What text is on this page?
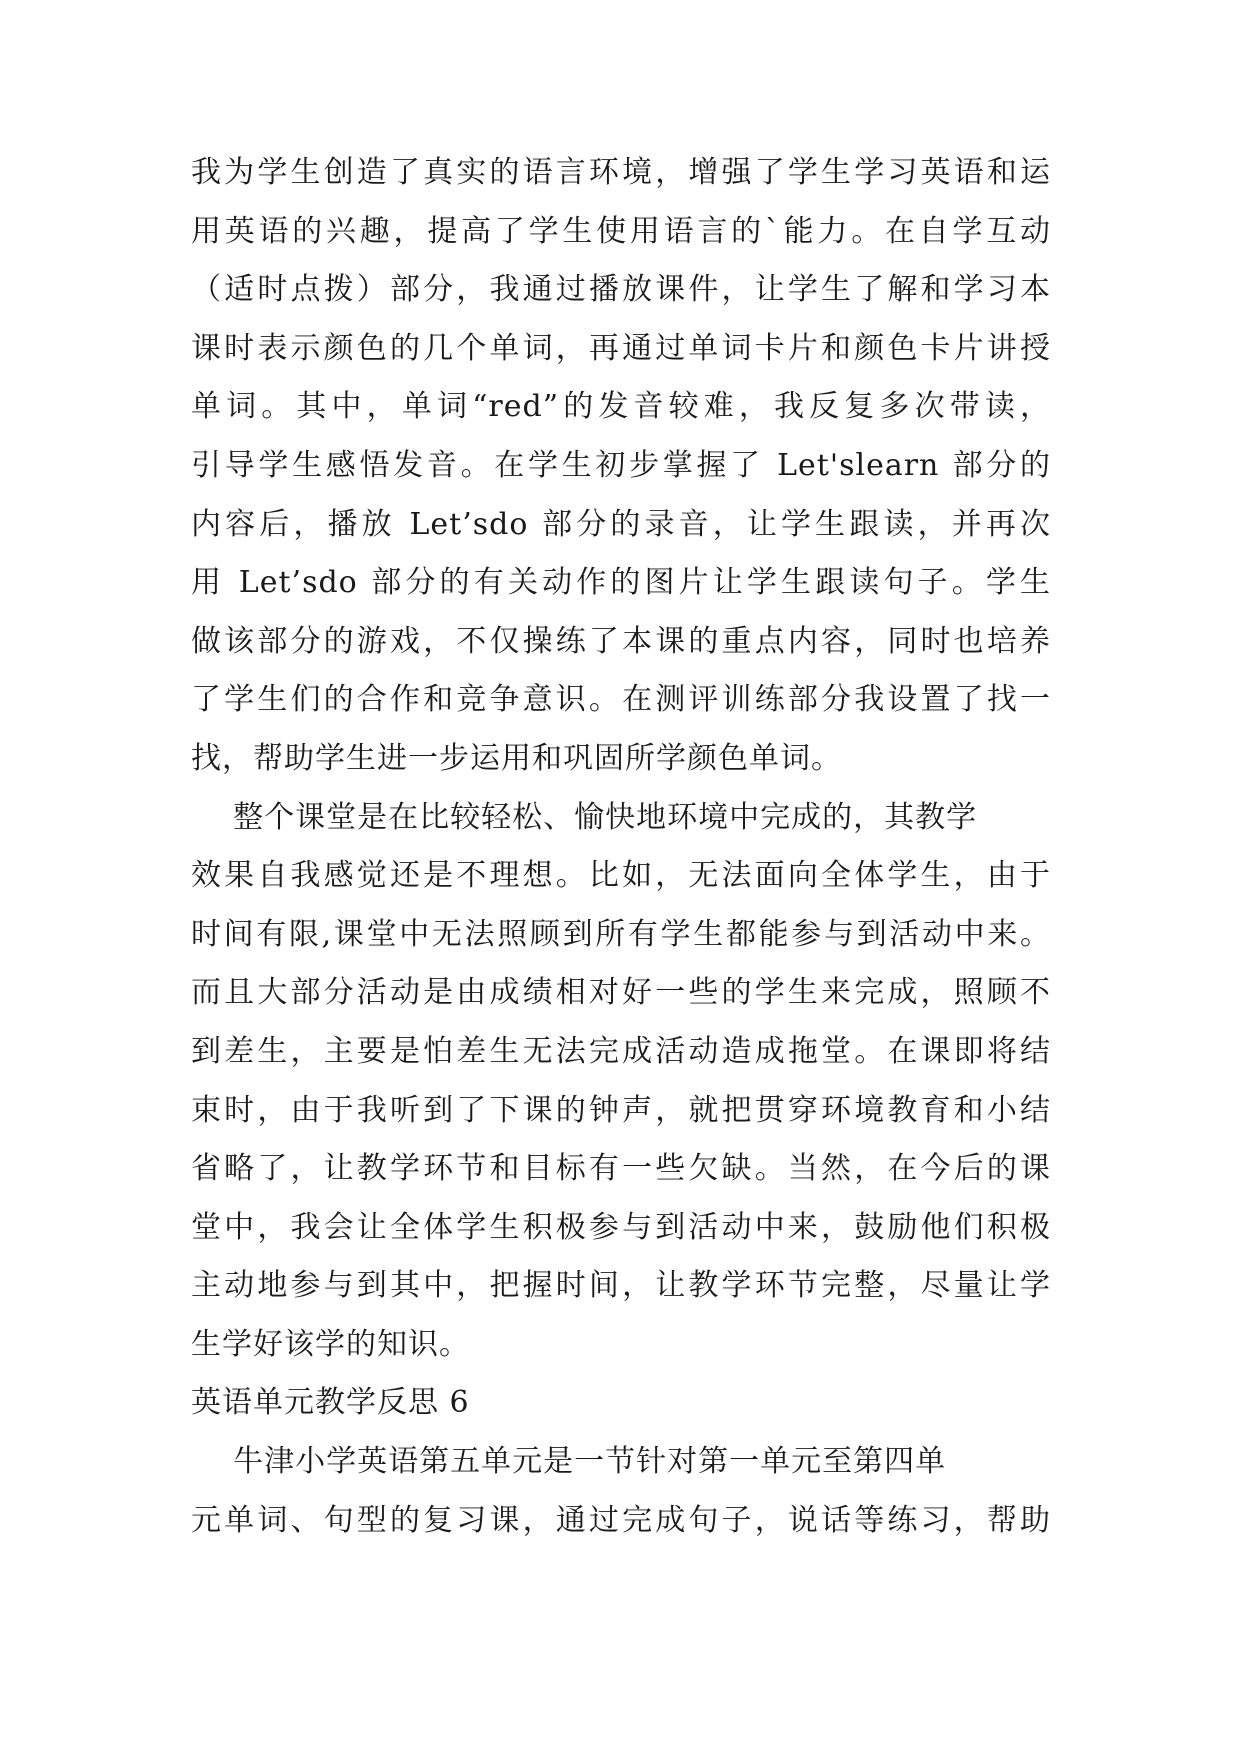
我为学生创造了真实的语言环境，增强了学生学习英语和运
用英语的兴趣，提高了学生使用语言的`能力。在自学互动
（适时点拨）部分，我通过播放课件，让学生了解和学习本
课时表示颜色的几个单词，再通过单词卡片和颜色卡片讲授
单词。其中，单词“red”的发音较难，我反复多次带读，
引导学生感悟发音。在学生初步掌握了 Let'slearn 部分的
内容后，播放 Let’sdo 部分的录音，让学生跟读，并再次
用 Let’sdo 部分的有关动作的图片让学生跟读句子。学生
做该部分的游戏，不仅操练了本课的重点内容，同时也培养
了学生们的合作和竞争意识。在测评训练部分我设置了找一
找，帮助学生进一步运用和巩固所学颜色单词。
整个课堂是在比较轻松、愉快地环境中完成的，其教学
效果自我感觉还是不理想。比如，无法面向全体学生，由于
时间有限,课堂中无法照顾到所有学生都能参与到活动中来。
而且大部分活动是由成绩相对好一些的学生来完成，照顾不
到差生，主要是怕差生无法完成活动造成拖堂。在课即将结
束时，由于我听到了下课的钟声，就把贯穿环境教育和小结
省略了，让教学环节和目标有一些欠缺。当然，在今后的课
堂中，我会让全体学生积极参与到活动中来，鼓励他们积极
主动地参与到其中，把握时间，让教学环节完整，尽量让学
生学好该学的知识。
英语单元教学反思 6
牛津小学英语第五单元是一节针对第一单元至第四单
元单词、句型的复习课，通过完成句子，说话等练习，帮助
